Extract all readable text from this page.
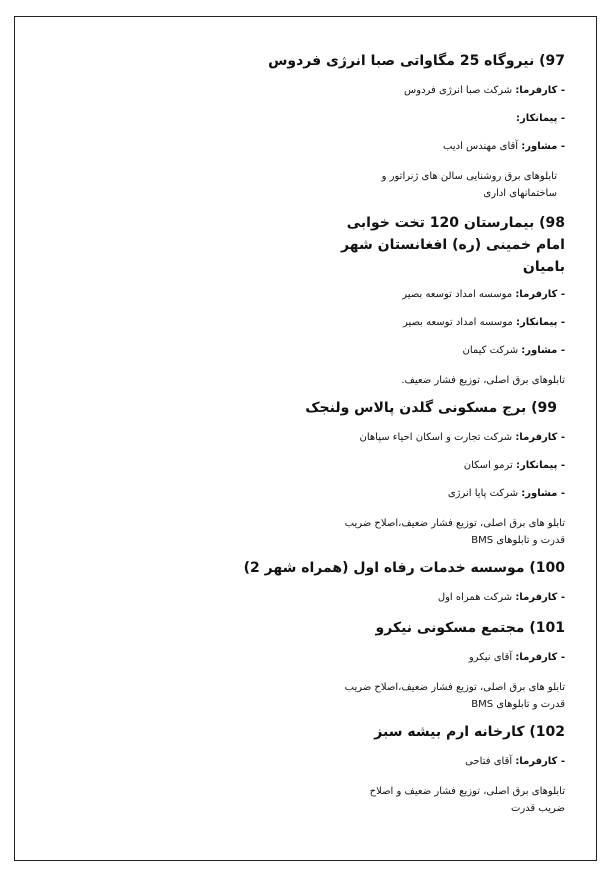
97) نیروگاه 25 مگاواتی صبا انرژی فردوس
- کارفرما: شرکت صبا انرژی فردوس
- پیمانکار:
- مشاور: آقای مهندس ادیب
تابلوهای برق روشنایی سالن های ژنراتور و ساختمانهای اداری
98) بیمارستان 120 تخت خوابی امام خمینی (ره) افغانستان شهر بامیان
- کارفرما: موسسه امداد توسعه بصیر
- پیمانکار: موسسه امداد توسعه بصیر
- مشاور: شرکت کیمان
تابلوهای برق اصلی، توزیع فشار ضعیف.
99) برج مسکونی گلدن پالاس ولنجک
- کارفرما: شرکت تجارت و اسکان احیاء سپاهان
- پیمانکار: ترمو اسکان
- مشاور: شرکت پایا انرژی
تابلو های برق اصلی، توزیع فشار ضعیف،اصلاح ضریب قدرت و تابلوهای BMS
100) موسسه خدمات رفاه اول (همراه شهر 2)
- کارفرما: شرکت همراه اول
101) مجتمع مسکونی نیکرو
- کارفرما: آقای نیکرو
تابلو های برق اصلی، توزیع فشار ضعیف،اصلاح ضریب قدرت و تابلوهای BMS
102) کارخانه ارم بیشه سبز
- کارفرما: آقای فتاحی
تابلوهای برق اصلی، توزیع فشار ضعیف و اصلاح ضریب قدرت
